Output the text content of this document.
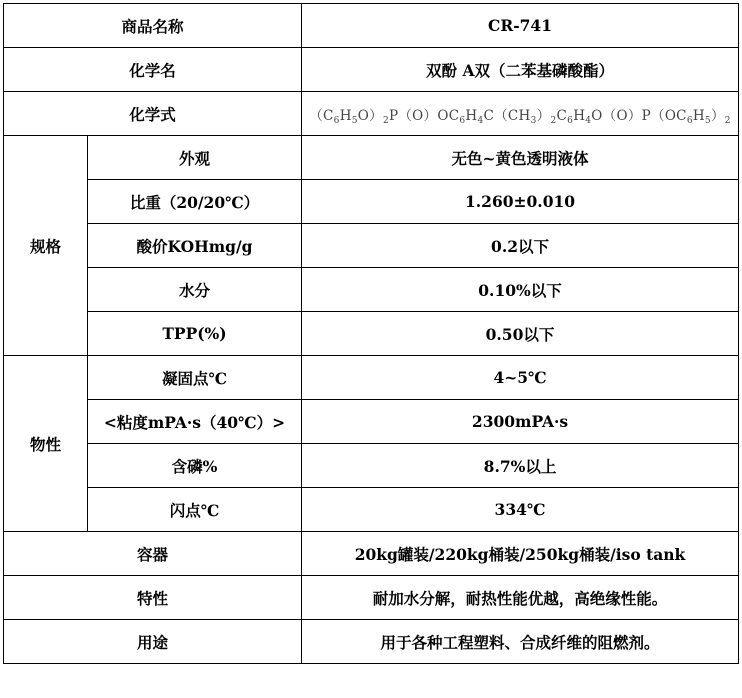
商品名称		CR-741
化学名		双酚 A双（二苯基磷酸酯）
化学式		$(C_6H_5O)_2P(O)OC_6H_4C(CH_3)_2C_6H_4O(O)P(OC_6H_5)_2$
规格	外观	无色~黄色透明液体
	比重（20/20℃）	1.260±0.010
	酸价KOHmg/g	0.2以下
	水分	0.10%以下
	TPP(%)	0.50以下
物性	凝固点℃	4~5℃
	<粘度mPA·s（40℃）>	2300mPA·s
	含磷%	8.7%以上
	闪点℃	334℃
容器		20kg罐装/220kg桶装/250kg桶装/iso tank
特性		耐加水分解，耐热性能优越，高绝缘性能。
用途		用于各种工程塑料、合成纤维的阻燃剂。
